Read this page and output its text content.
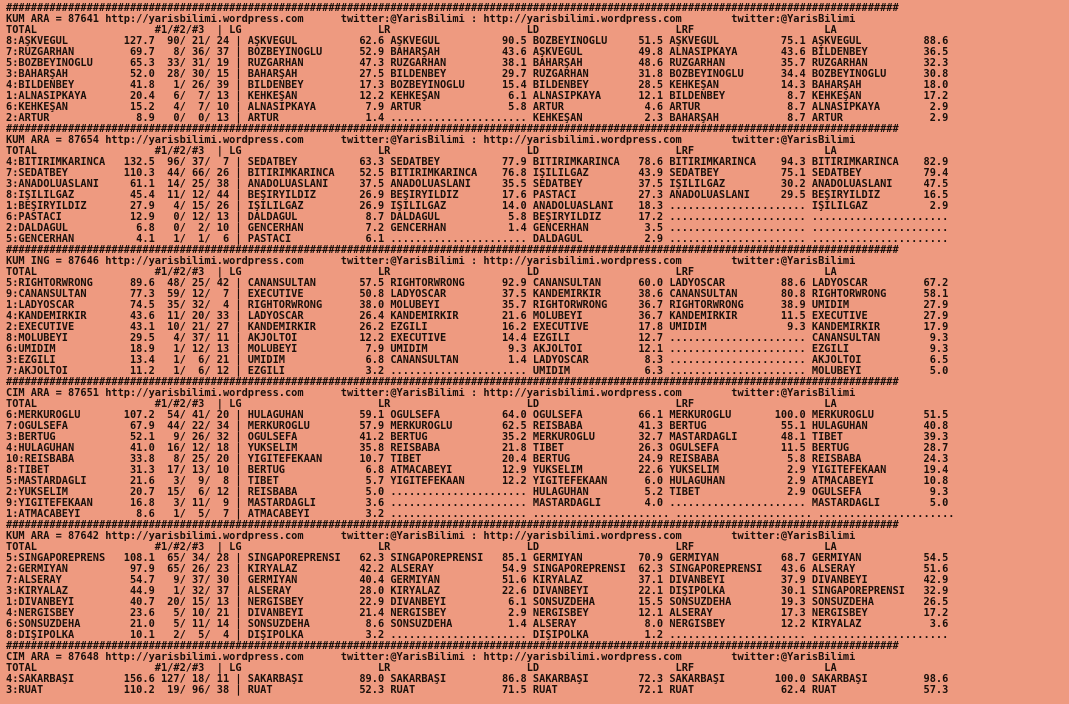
################################################################################################################################################
KUM ARA = 87641 http://yarisbilimi.wordpress.com      twitter:@YarisBilimi : http://yarisbilimi.wordpress.com        twitter:@YarisBilimi
TOTAL                   #1/#2/#3  | LG                      LR                      LD                      LRF                     LA
8:AŞKVEGÜL         127.7  90/ 21/ 24 | AŞKVEGÜL          62.6 AŞKVEGÜL          90.5 BOZBEYİNOĞLU     51.5 AŞKVEGÜL          75.1 AŞKVEGÜL          88.6
7:RÜZGARHAN         69.7   8/ 36/ 37 | BOZBEYİNOĞLU      52.9 BAHARŞAH          43.6 AŞKVEGÜL         49.8 ALNASİPKAYA       43.6 BİLDENBEY         36.5
5:BOZBEYİNOĞLU      65.3  33/ 31/ 19 | RÜZGARHAN         47.3 RÜZGARHAN         38.1 BAHARŞAH         48.6 RÜZGARHAN         35.7 RÜZGARHAN         32.3
3:BAHARŞAH          52.0  28/ 30/ 15 | BAHARŞAH          27.5 BİLDENBEY         29.7 RÜZGARHAN        31.8 BOZBEYİNOĞLU      34.4 BOZBEYİNOĞLU      30.8
4:BİLDENBEY         41.8   1/ 26/ 39 | BİLDENBEY         17.3 BOZBEYİNOĞLU      15.4 BİLDENBEY        28.5 KEHKEŞAN          14.3 BAHARŞAH          18.0
1:ALNASİPKAYA       20.4   6/  7/ 13 | KEHKEŞAN          12.2 KEHKEŞAN           6.1 ALNASİPKAYA      12.1 BİLDENBEY          8.7 KEHKEŞAN          17.2
6:KEHKEŞAN          15.2   4/  7/ 10 | ALNASİPKAYA        7.9 ARTUR              5.8 ARTUR             4.6 ARTUR              8.7 ALNASİPKAYA        2.9
2:ARTUR              8.9   0/  0/ 13 | ARTUR              1.4 ...................... KEHKEŞAN          2.3 BAHARŞAH           8.7 ARTUR              2.9
################################################################################################################################################
KUM ARA = 87654 http://yarisbilimi.wordpress.com      twitter:@YarisBilimi : http://yarisbilimi.wordpress.com        twitter:@YarisBilimi
TOTAL                   #1/#2/#3  | LG                      LR                      LD                      LRF                     LA
4:BİTİRİMKARINCA   132.5  96/ 37/  7 | SEDATBEY          63.3 SEDATBEY          77.9 BİTİRİMKARINCA   78.6 BİTİRİMKARINCA    94.3 BİTİRİMKARINCA    82.9
7:SEDATBEY         110.3  44/ 66/ 26 | BİTİRİMKARINCA    52.5 BİTİRİMKARINCA    76.8 IŞILILGAZ        43.9 SEDATBEY          75.1 SEDATBEY          79.4
3:ANADOLUASLANI     61.1  14/ 25/ 38 | ANADOLUASLANI     37.5 ANADOLUASLANI     35.5 SEDATBEY         37.5 IŞILILGAZ         30.2 ANADOLUASLANI     47.5
8:IŞILILGAZ         45.4  11/ 12/ 44 | BEŞİRYILDIZ       26.9 BEŞİRYILDIZ       17.6 PASTACI          27.3 ANADOLUASLANI     29.5 BEŞİRYILDIZ       16.5
1:BEŞİRYILDIZ       27.9   4/ 15/ 26 | IŞILILGAZ         26.9 IŞILILGAZ         14.0 ANADOLUASLANI    18.3 ...................... IŞILILGAZ          2.9
6:PASTACI           12.9   0/ 12/ 13 | DALDAGÜL           8.7 DALDAGÜL           5.8 BEŞİRYILDIZ      17.2 ...................... ......................
2:DALDAGÜL           6.8   0/  2/ 10 | GENCERHAN          7.2 GENCERHAN          1.4 GENCERHAN         3.5 ...................... ......................
5:GENCERHAN          4.1   1/  1/  6 | PASTACI            6.1 ...................... DALDAGÜL          2.9 ...................... ......................
################################################################################################################################################
KUM ING = 87646 http://yarisbilimi.wordpress.com      twitter:@YarisBilimi : http://yarisbilimi.wordpress.com        twitter:@YarisBilimi
TOTAL                   #1/#2/#3  | LG                      LR                      LD                      LRF                     LA
5:RIGHTORWRONG      89.6  48/ 25/ 42 | CANANSULTAN       57.5 RIGHTORWRONG      92.9 CANANSULTAN      60.0 LADYOSCAR         88.6 LADYOSCAR         67.2
9:CANANSULTAN       77.3  59/ 12/  7 | EXECUTIVE         50.8 LADYOSCAR         37.5 KANDEMİRKIR      38.6 CANANSULTAN       80.8 RIGHTORWRONG      58.1
1:LADYOSCAR         74.5  35/ 32/  4 | RIGHTORWRONG      38.0 MOLUBEYİ          35.7 RIGHTORWRONG     36.7 RIGHTORWRONG      38.9 ÜMİDİM            27.9
4:KANDEMİRKIR       43.6  11/ 20/ 33 | LADYOSCAR         26.4 KANDEMİRKIR       21.6 MOLUBEYİ         36.7 KANDEMİRKIR       11.5 EXECUTIVE         27.9
2:EXECUTIVE         43.1  10/ 21/ 27 | KANDEMİRKIR       26.2 EZGİLİ            16.2 EXECUTIVE        17.8 ÜMİDİM             9.3 KANDEMİRKIR       17.9
8:MOLUBEYİ          29.5   4/ 37/ 11 | AKJOLTOI          12.2 EXECUTIVE         14.4 EZGİLİ           12.7 ...................... CANANSULTAN        9.3
6:ÜMİDİM            18.9   1/ 12/ 13 | MOLUBEYİ           7.9 ÜMİDİM             9.3 AKJOLTOI         12.1 ...................... EZGİLİ             9.3
3:EZGİLİ            13.4   1/  6/ 21 | ÜMİDİM             6.8 CANANSULTAN        1.4 LADYOSCAR         8.3 ...................... AKJOLTOI           6.5
7:AKJOLTOI          11.2   1/  6/ 12 | EZGİLİ             3.2 ...................... ÜMİDİM            6.3 ...................... MOLUBEYİ           5.0
################################################################################################################################################
CIM ARA = 87651 http://yarisbilimi.wordpress.com      twitter:@YarisBilimi : http://yarisbilimi.wordpress.com        twitter:@YarisBilimi
TOTAL                   #1/#2/#3  | LG                      LR                      LD                      LRF                     LA
6:MERKÜROĞLU       107.2  54/ 41/ 20 | HÜLAGÜHAN         59.1 OĞULSEFA          64.0 OĞULSEFA         66.1 MERKÜROĞLU       100.0 MERKÜROĞLU        51.5
7:OĞULSEFA          67.9  44/ 22/ 34 | MERKÜROĞLU        57.9 MERKÜROĞLU        62.5 REİSBABA         41.3 BERTUĞ            55.1 HÜLAGÜHAN         40.8
3:BERTUĞ            52.1   9/ 26/ 32 | OĞULSEFA          41.2 BERTUĞ            35.2 MERKÜROĞLU       32.7 MASTARDAĞLI       48.1 TİBET             39.3
4:HÜLAGÜHAN         41.0  16/ 12/ 18 | YÜKSELİM          35.8 REİSBABA          21.8 TİBET            26.3 OĞULSEFA          11.5 BERTUĞ            28.7
10:REİSBABA         33.8   8/ 25/ 20 | YİĞİTEFEKAAN      10.7 TİBET             20.4 BERTUĞ           24.9 REİSBABA           5.8 REİSBABA          24.3
8:TİBET             31.3  17/ 13/ 10 | BERTUĞ             6.8 ATMACABEYİ        12.9 YÜKSELİM         22.6 YÜKSELİM           2.9 YİĞİTEFEKAAN      19.4
5:MASTARDAĞLI       21.6   3/  9/  8 | TİBET              5.7 YİĞİTEFEKAAN      12.2 YİĞİTEFEKAAN      6.0 HÜLAGÜHAN          2.9 ATMACABEYİ        10.8
2:YÜKSELİM          20.7  15/  6/ 12 | REİSBABA           5.0 ...................... HÜLAGÜHAN         5.2 TİBET              2.9 OĞULSEFA           9.3
9:YİĞİTEFEKAAN      16.8   3/ 11/  9 | MASTARDAĞLI        3.6 ...................... MASTARDAĞLI       4.0 ...................... MASTARDAĞLI        5.0
1:ATMACABEYİ         8.6   1/  5/  7 | ATMACABEYİ         3.2 ...................... ...................... ...................... ......................
################################################################################################################################################
KUM ARA = 87642 http://yarisbilimi.wordpress.com      twitter:@YarisBilimi : http://yarisbilimi.wordpress.com        twitter:@YarisBilimi
TOTAL                   #1/#2/#3  | LG                      LR                      LD                      LRF                     LA
5:SİNGAPOREPRENS   108.1  65/ 34/ 28 | SİNGAPOREPRENSİ   62.3 SİNGAPOREPRENSİ   85.1 GERMİYAN         70.9 GERMİYAN          68.7 GERMİYAN          54.5
2:GERMİYAN          97.9  65/ 26/ 23 | KIRYALAZ          42.2 ALSERAY           54.9 SİNGAPOREPRENSİ  62.3 SİNGAPOREPRENSİ   43.6 ALSERAY           51.6
7:ALSERAY           54.7   9/ 37/ 30 | GERMİYAN          40.4 GERMİYAN          51.6 KIRYALAZ         37.1 DİVANBEYİ         37.9 DİVANBEYİ         42.9
3:KIRYALAZ          44.9   1/ 32/ 37 | ALSERAY           28.0 KIRYALAZ          22.6 DİVANBEYİ        22.1 DİŞİPOLKA         30.1 SİNGAPOREPRENSİ   32.9
1:DİVANBEYİ         40.7  20/ 15/ 13 | NERGİSBEY         22.9 DİVANBEYİ          6.1 SONSUZDEHA       15.5 SONSUZDEHA        19.3 SONSUZDEHA        26.5
4:NERGİSBEY         23.6   5/ 10/ 21 | DİVANBEYİ         21.4 NERGİSBEY          2.9 NERGİSBEY        12.1 ALSERAY           17.3 NERGİSBEY         17.2
6:SONSUZDEHA        21.0   5/ 11/ 14 | SONSUZDEHA         8.6 SONSUZDEHA         1.4 ALSERAY           8.0 NERGİSBEY         12.2 KIRYALAZ           3.6
8:DİŞİPOLKA         10.1   2/  5/  4 | DİŞİPOLKA          3.2 ...................... DİŞİPOLKA         1.2 ...................... ......................
################################################################################################################################################
CIM ARA = 87648 http://yarisbilimi.wordpress.com      twitter:@YarisBilimi : http://yarisbilimi.wordpress.com        twitter:@YarisBilimi
TOTAL                   #1/#2/#3  | LG                      LR                      LD                      LRF                     LA
4:SAKARBAŞI        156.6 127/ 18/ 11 | SAKARBAŞI         89.0 SAKARBAŞI         86.8 SAKARBAŞI        72.3 SAKARBAŞI        100.0 SAKARBAŞI         98.6
3:RUAT             110.2  19/ 96/ 38 | RUAT              52.3 RUAT              71.5 RUAT             72.1 RUAT              62.4 RUAT              57.3
